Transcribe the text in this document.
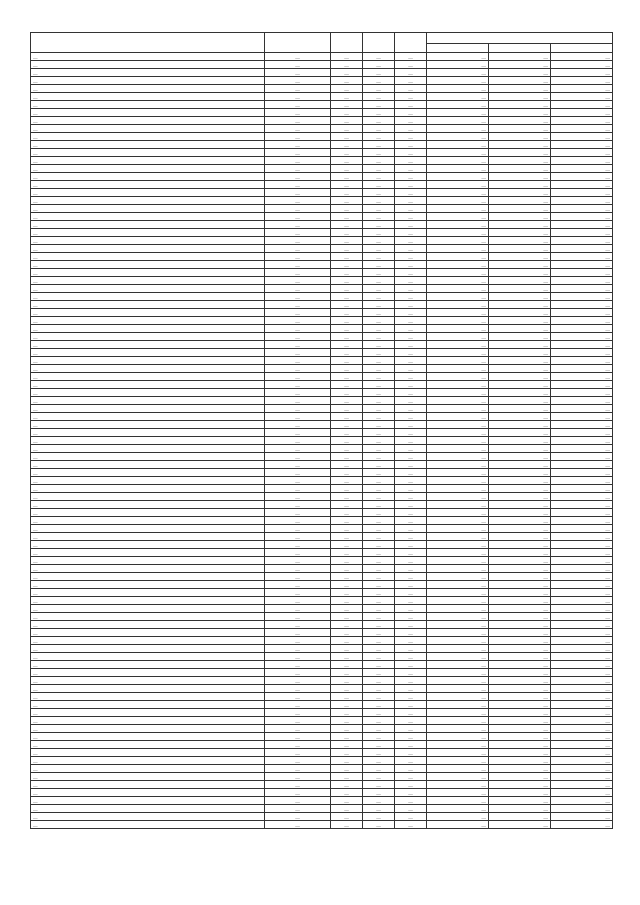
—	—	—	—	—	—	—	—
—	—	—	—	—	—	—	—
—	—	—	—	—	—	—	—
—	—	—	—	—	—	—	—
—	—	—	—	—	—	—	—
—	—	—	—	—	—	—	—
—	—	—	—	—	—	—	—
—	—	—	—	—	—	—	—
—	—	—	—	—	—	—	—
—	—	—	—	—	—	—	—
—	—	—	—	—	—	—	—
—	—	—	—	—	—	—	—
—	—	—	—	—	—	—	—
—	—	—	—	—	—	—	—
—	—	—	—	—	—	—	—
—	—	—	—	—	—	—	—
—	—	—	—	—	—	—	—
—	—	—	—	—	—	—	—
—	—	—	—	—	—	—	—
—	—	—	—	—	—	—	—
—	—	—	—	—	—	—	—
—	—	—	—	—	—	—	—
—	—	—	—	—	—	—	—
—	—	—	—	—	—	—	—
—	—	—	—	—	—	—	—
—	—	—	—	—	—	—	—
—	—	—	—	—	—	—	—
—	—	—	—	—	—	—	—
—	—	—	—	—	—	—	—
—	—	—	—	—	—	—	—
—	—	—	—	—	—	—	—
—	—	—	—	—	—	—	—
—	—	—	—	—	—	—	—
—	—	—	—	—	—	—	—
—	—	—	—	—	—	—	—
—	—	—	—	—	—	—	—
—	—	—	—	—	—	—	—
—	—	—	—	—	—	—	—
—	—	—	—	—	—	—	—
—	—	—	—	—	—	—	—
—	—	—	—	—	—	—	—
—	—	—	—	—	—	—	—
—	—	—	—	—	—	—	—
—	—	—	—	—	—	—	—
—	—	—	—	—	—	—	—
—	—	—	—	—	—	—	—
—	—	—	—	—	—	—	—
—	—	—	—	—	—	—	—
—	—	—	—	—	—	—	—
—	—	—	—	—	—	—	—
—	—	—	—	—	—	—	—
—	—	—	—	—	—	—	—
—	—	—	—	—	—	—	—
—	—	—	—	—	—	—	—
—	—	—	—	—	—	—	—
—	—	—	—	—	—	—	—
—	—	—	—	—	—	—	—
—	—	—	—	—	—	—	—
—	—	—	—	—	—	—	—
—	—	—	—	—	—	—	—
—	—	—	—	—	—	—	—
—	—	—	—	—	—	—	—
—	—	—	—	—	—	—	—
—	—	—	—	—	—	—	—
—	—	—	—	—	—	—	—
—	—	—	—	—	—	—	—
—	—	—	—	—	—	—	—
—	—	—	—	—	—	—	—
—	—	—	—	—	—	—	—
—	—	—	—	—	—	—	—
—	—	—	—	—	—	—	—
—	—	—	—	—	—	—	—
—	—	—	—	—	—	—	—
—	—	—	—	—	—	—	—
—	—	—	—	—	—	—	—
—	—	—	—	—	—	—	—
—	—	—	—	—	—	—	—
—	—	—	—	—	—	—	—
—	—	—	—	—	—	—	—
—	—	—	—	—	—	—	—
—	—	—	—	—	—	—	—
—	—	—	—	—	—	—	—
—	—	—	—	—	—	—	—
—	—	—	—	—	—	—	—
—	—	—	—	—	—	—	—
—	—	—	—	—	—	—	—
—	—	—	—	—	—	—	—
—	—	—	—	—	—	—	—
—	—	—	—	—	—	—	—
—	—	—	—	—	—	—	—
—	—	—	—	—	—	—	—
—	—	—	—	—	—	—	—
—	—	—	—	—	—	—	—
—	—	—	—	—	—	—	—
—	—	—	—	—	—	—	—
—	—	—	—	—	—	—	—
—	—	—	—	—	—	—	—
